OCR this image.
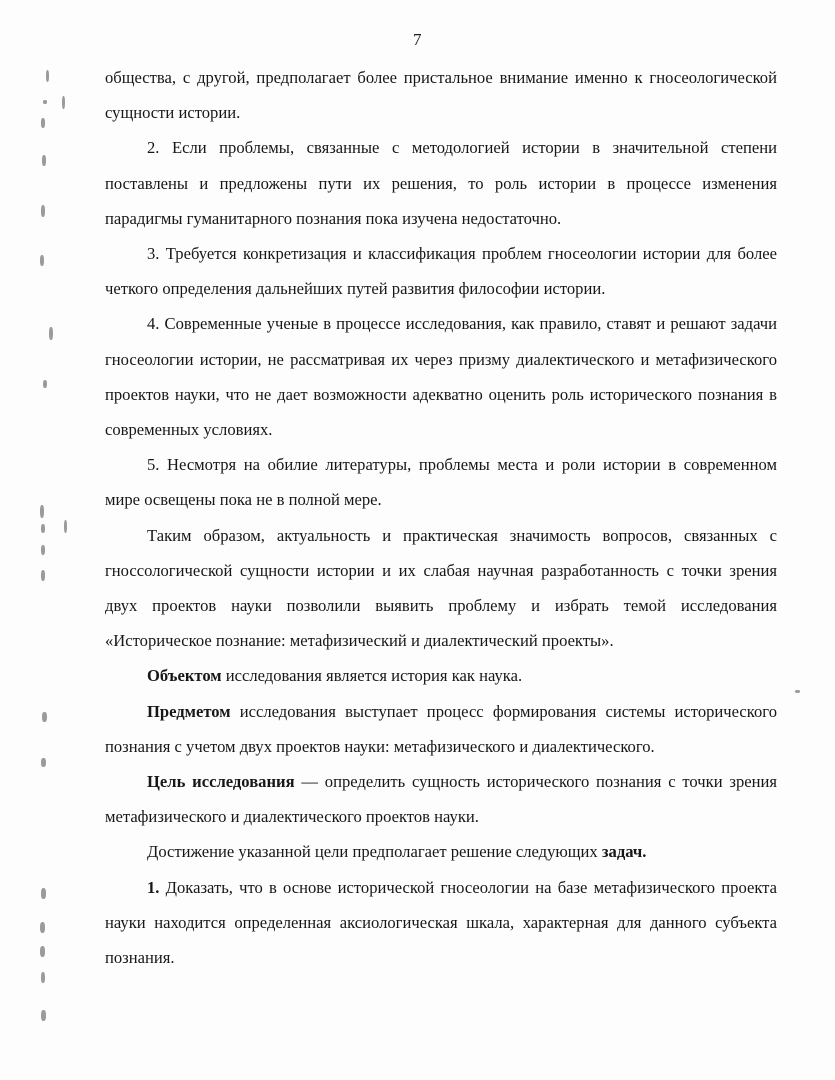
7

общества, с другой, предполагает более пристальное внимание именно к гносеологической сущности истории.

2. Если проблемы, связанные с методологией истории в значительной степени поставлены и предложены пути их решения, то роль истории в процессе изменения парадигмы гуманитарного познания пока изучена недостаточно.

3. Требуется конкретизация и классификация проблем гносеологии истории для более четкого определения дальнейших путей развития философии истории.

4. Современные ученые в процессе исследования, как правило, ставят и решают задачи гносеологии истории, не рассматривая их через призму диалектического и метафизического проектов науки, что не дает возможности адекватно оценить роль исторического познания в современных условиях.

5. Несмотря на обилие литературы, проблемы места и роли истории в современном мире освещены пока не в полной мере.

Таким образом, актуальность и практическая значимость вопросов, связанных с гноссологической сущности истории и их слабая научная разработанность с точки зрения двух проектов науки позволили выявить проблему и избрать темой исследования «Историческое познание: метафизический и диалектический проекты».

Объектом исследования является история как наука.

Предметом исследования выступает процесс формирования системы исторического познания с учетом двух проектов науки: метафизического и диалектического.

Цель исследования — определить сущность исторического познания с точки зрения метафизического и диалектического проектов науки.

Достижение указанной цели предполагает решение следующих задач.

1. Доказать, что в основе исторической гносеологии на базе метафизического проекта науки находится определенная аксиологическая шкала, характерная для данного субъекта познания.
